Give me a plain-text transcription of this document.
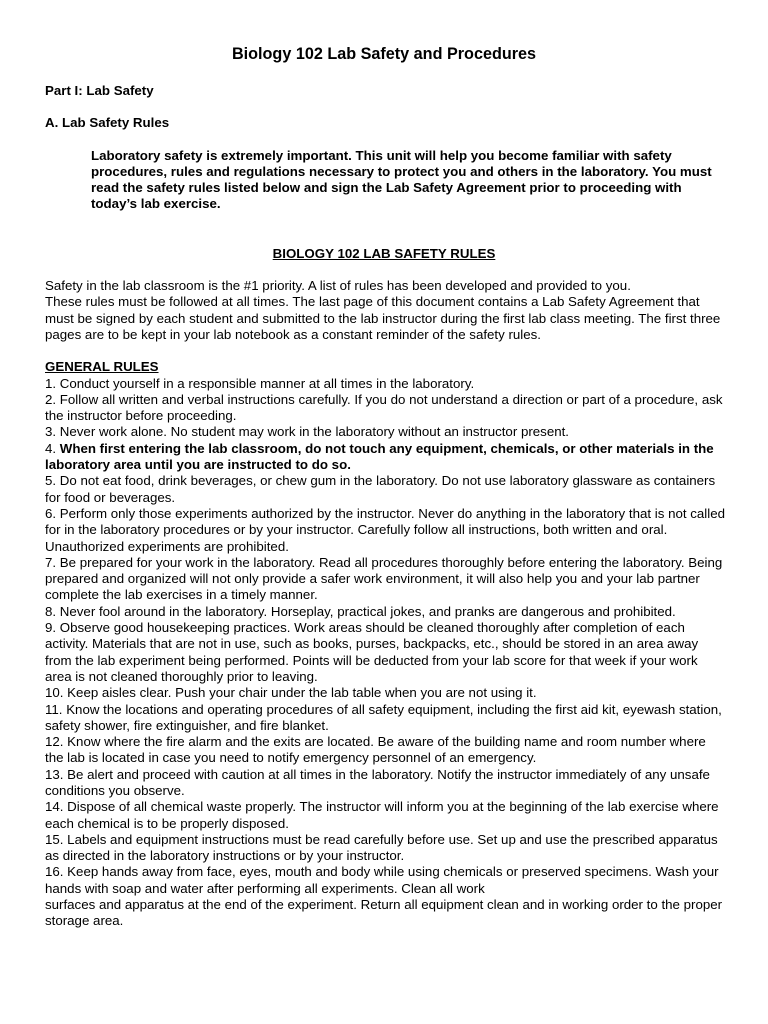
Biology 102 Lab Safety and Procedures
Part I: Lab Safety
A. Lab Safety Rules
Laboratory safety is extremely important. This unit will help you become familiar with safety procedures, rules and regulations necessary to protect you and others in the laboratory. You must read the safety rules listed below and sign the Lab Safety Agreement prior to proceeding with today’s lab exercise.
BIOLOGY 102 LAB SAFETY RULES
Safety in the lab classroom is the #1 priority. A list of rules has been developed and provided to you.
These rules must be followed at all times. The last page of this document contains a Lab Safety Agreement that must be signed by each student and submitted to the lab instructor during the first lab class meeting. The first three pages are to be kept in your lab notebook as a constant reminder of the safety rules.
GENERAL RULES
1. Conduct yourself in a responsible manner at all times in the laboratory.
2. Follow all written and verbal instructions carefully. If you do not understand a direction or part of a procedure, ask the instructor before proceeding.
3. Never work alone. No student may work in the laboratory without an instructor present.
4. When first entering the lab classroom, do not touch any equipment, chemicals, or other materials in the laboratory area until you are instructed to do so.
5. Do not eat food, drink beverages, or chew gum in the laboratory. Do not use laboratory glassware as containers for food or beverages.
6. Perform only those experiments authorized by the instructor. Never do anything in the laboratory that is not called for in the laboratory procedures or by your instructor. Carefully follow all instructions, both written and oral. Unauthorized experiments are prohibited.
7. Be prepared for your work in the laboratory. Read all procedures thoroughly before entering the laboratory. Being prepared and organized will not only provide a safer work environment, it will also help you and your lab partner complete the lab exercises in a timely manner.
8. Never fool around in the laboratory. Horseplay, practical jokes, and pranks are dangerous and prohibited.
9. Observe good housekeeping practices. Work areas should be cleaned thoroughly after completion of each activity. Materials that are not in use, such as books, purses, backpacks, etc., should be stored in an area away from the lab experiment being performed. Points will be deducted from your lab score for that week if your work area is not cleaned thoroughly prior to leaving.
10. Keep aisles clear. Push your chair under the lab table when you are not using it.
11. Know the locations and operating procedures of all safety equipment, including the first aid kit, eyewash station, safety shower, fire extinguisher, and fire blanket.
12. Know where the fire alarm and the exits are located. Be aware of the building name and room number where the lab is located in case you need to notify emergency personnel of an emergency.
13. Be alert and proceed with caution at all times in the laboratory. Notify the instructor immediately of any unsafe conditions you observe.
14. Dispose of all chemical waste properly. The instructor will inform you at the beginning of the lab exercise where each chemical is to be properly disposed.
15. Labels and equipment instructions must be read carefully before use. Set up and use the prescribed apparatus as directed in the laboratory instructions or by your instructor.
16. Keep hands away from face, eyes, mouth and body while using chemicals or preserved specimens. Wash your hands with soap and water after performing all experiments. Clean all work
surfaces and apparatus at the end of the experiment. Return all equipment clean and in working order to the proper storage area.
